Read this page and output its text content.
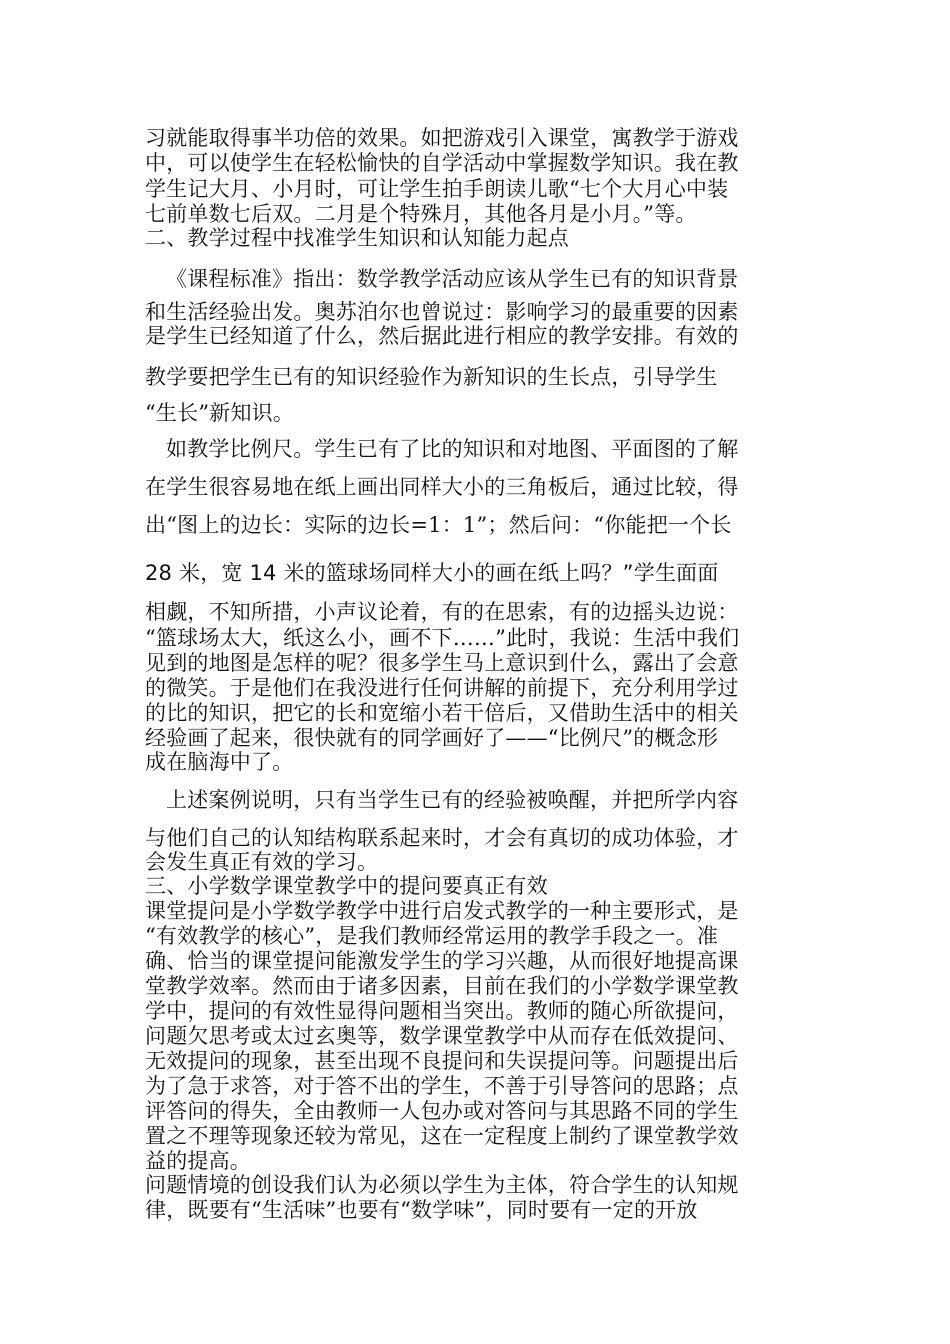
习就能取得事半功倍的效果。如把游戏引入课堂，寓教学于游戏
中，可以使学生在轻松愉快的自学活动中掌握数学知识。我在教
学生记大月、小月时，可让学生拍手朗读儿歌“七个大月心中装
七前单数七后双。二月是个特殊月，其他各月是小月。”等。
二、教学过程中找准学生知识和认知能力起点
《课程标准》指出：数学教学活动应该从学生已有的知识背景
和生活经验出发。奥苏泊尔也曾说过：影响学习的最重要的因素
是学生已经知道了什么，然后据此进行相应的教学安排。有效的
教学要把学生已有的知识经验作为新知识的生长点，引导学生
“生长”新知识。
如教学比例尺。学生已有了比的知识和对地图、平面图的了解
在学生很容易地在纸上画出同样大小的三角板后，通过比较，得
出“图上的边长：实际的边长=1：1”；然后问：“你能把一个长
28 米，宽 14 米的篮球场同样大小的画在纸上吗？”学生面面
相觑，不知所措，小声议论着，有的在思索，有的边摇头边说：
“篮球场太大，纸这么小，画不下……”此时，我说：生活中我们
见到的地图是怎样的呢？很多学生马上意识到什么，露出了会意
的微笑。于是他们在我没进行任何讲解的前提下，充分利用学过
的比的知识，把它的长和宽缩小若干倍后，又借助生活中的相关
经验画了起来，很快就有的同学画好了——“比例尺”的概念形
成在脑海中了。
上述案例说明，只有当学生已有的经验被唤醒，并把所学内容
与他们自己的认知结构联系起来时，才会有真切的成功体验，才
会发生真正有效的学习。
三、小学数学课堂教学中的提问要真正有效
课堂提问是小学数学教学中进行启发式教学的一种主要形式，是
“有效教学的核心”，是我们教师经常运用的教学手段之一。准
确、恰当的课堂提问能激发学生的学习兴趣，从而很好地提高课
堂教学效率。然而由于诸多因素，目前在我们的小学数学课堂教
学中，提问的有效性显得问题相当突出。教师的随心所欲提问，
问题欠思考或太过玄奥等，数学课堂教学中从而存在低效提问、
无效提问的现象，甚至出现不良提问和失误提问等。问题提出后
为了急于求答，对于答不出的学生，不善于引导答问的思路；点
评答问的得失，全由教师一人包办或对答问与其思路不同的学生
置之不理等现象还较为常见，这在一定程度上制约了课堂教学效
益的提高。
问题情境的创设我们认为必须以学生为主体，符合学生的认知规
律，既要有“生活味”也要有“数学味”，同时要有一定的开放
